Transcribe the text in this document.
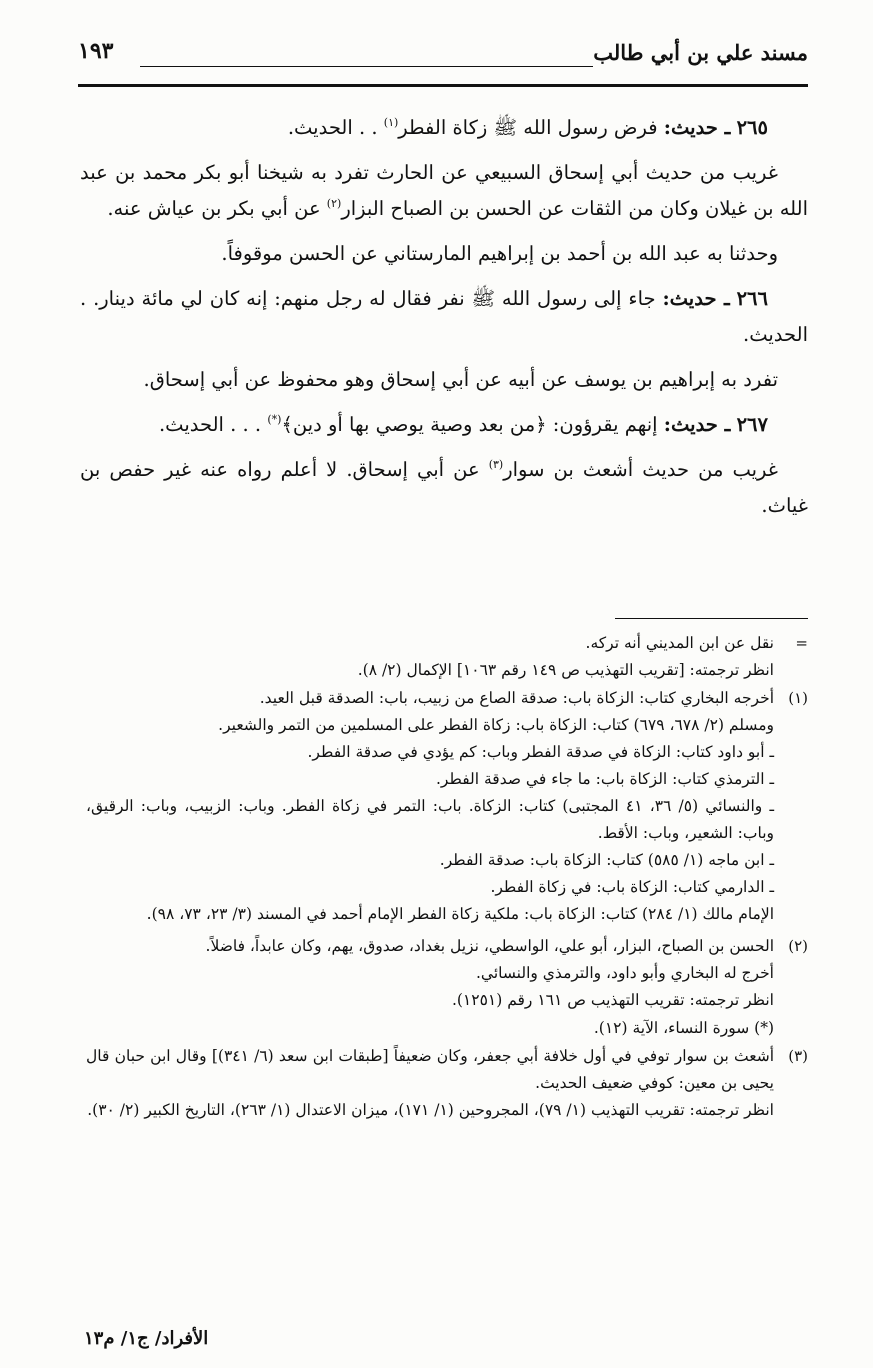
مسند علي بن أبي طالب
١٩٣

٢٦٥ ـ حديث: فرض رسول الله ﷺ زكاة الفطر$^{(١)}$ . . الحديث.

غريب من حديث أبي إسحاق السبيعي عن الحارث تفرد به شيخنا أبو بكر محمد بن عبد الله بن غيلان وكان من الثقات عن الحسن بن الصباح البزار$^{(٢)}$ عن أبي بكر بن عياش عنه.

وحدثنا به عبد الله بن أحمد بن إبراهيم المارستاني عن الحسن موقوفاً.

٢٦٦ ـ حديث: جاء إلى رسول الله ﷺ نفر فقال له رجل منهم: إنه كان لي مائة دينار. . الحديث.

تفرد به إبراهيم بن يوسف عن أبيه عن أبي إسحاق وهو محفوظ عن أبي إسحاق.

٢٦٧ ـ حديث: إنهم يقرؤون: ﴿من بعد وصية يوصي بها أو دين﴾(*) . . . الحديث.

غريب من حديث أشعث بن سوار$^{(٣)}$ عن أبي إسحاق. لا أعلم رواه عنه غير حفص بن غياث.

=
نقل عن ابن المديني أنه تركه.
انظر ترجمته: [تقريب التهذيب ص ١٤٩ رقم ١٠٦٣] الإكمال (٢/ ٨).
(١)
أخرجه البخاري كتاب: الزكاة باب: صدقة الصاع من زبيب، باب: الصدقة قبل العيد.
ومسلم (٢/ ٦٧٨، ٦٧٩) كتاب: الزكاة باب: زكاة الفطر على المسلمين من التمر والشعير.
ـ أبو داود كتاب: الزكاة في صدقة الفطر وباب: كم يؤدي في صدقة الفطر.
ـ الترمذي كتاب: الزكاة باب: ما جاء في صدقة الفطر.
ـ والنسائي (٥/ ٣٦، ٤١ المجتبى) كتاب: الزكاة. باب: التمر في زكاة الفطر. وباب: الزبيب، وباب: الرقيق، وباب: الشعير، وباب: الأقط.
ـ ابن ماجه (١/ ٥٨٥) كتاب: الزكاة باب: صدقة الفطر.
ـ الدارمي كتاب: الزكاة باب: في زكاة الفطر.
الإمام مالك (١/ ٢٨٤) كتاب: الزكاة باب: ملكية زكاة الفطر الإمام أحمد في المسند (٣/ ٢٣، ٧٣، ٩٨).
(٢)
الحسن بن الصباح، البزار، أبو علي، الواسطي، نزيل بغداد، صدوق، يهم، وكان عابداً، فاضلاً.
أخرج له البخاري وأبو داود، والترمذي والنسائي.
انظر ترجمته: تقريب التهذيب ص ١٦١ رقم (١٢٥١).
(*) سورة النساء، الآية (١٢).
(٣)
أشعث بن سوار توفي في أول خلافة أبي جعفر، وكان ضعيفاً [طبقات ابن سعد (٦/ ٣٤١)] وقال ابن حبان قال يحيى بن معين: كوفي ضعيف الحديث.
انظر ترجمته: تقريب التهذيب (١/ ٧٩)، المجروحين (١/ ١٧١)، ميزان الاعتدال (١/ ٢٦٣)، التاريخ الكبير (٢/ ٣٠).
الأفراد/ ج١/ م١٣
